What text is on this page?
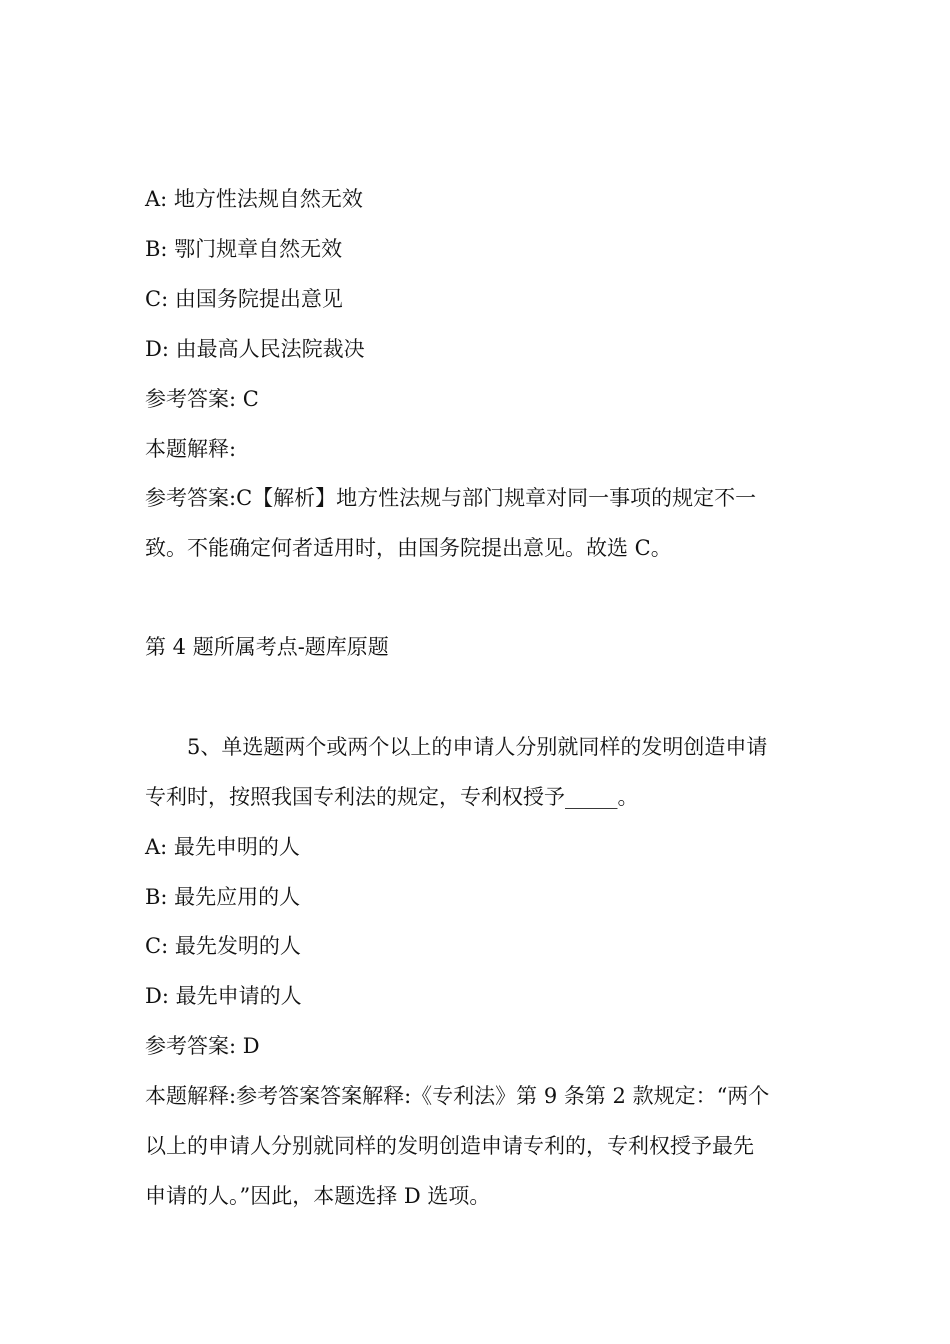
A: 地方性法规自然无效
B: 鄂门规章自然无效
C: 由国务院提出意见
D: 由最高人民法院裁决
参考答案: C
本题解释:
参考答案:C【解析】地方性法规与部门规章对同一事项的规定不一
致。不能确定何者适用时，由国务院提出意见。故选 C。
第 4 题所属考点-题库原题
5、单选题两个或两个以上的申请人分别就同样的发明创造申请
专利时，按照我国专利法的规定，专利权授予_____。
A: 最先申明的人
B: 最先应用的人
C: 最先发明的人
D: 最先申请的人
参考答案: D
本题解释:参考答案答案解释:《专利法》第 9 条第 2 款规定：“两个
以上的申请人分别就同样的发明创造申请专利的，专利权授予最先
申请的人。”因此，本题选择 D 选项。
